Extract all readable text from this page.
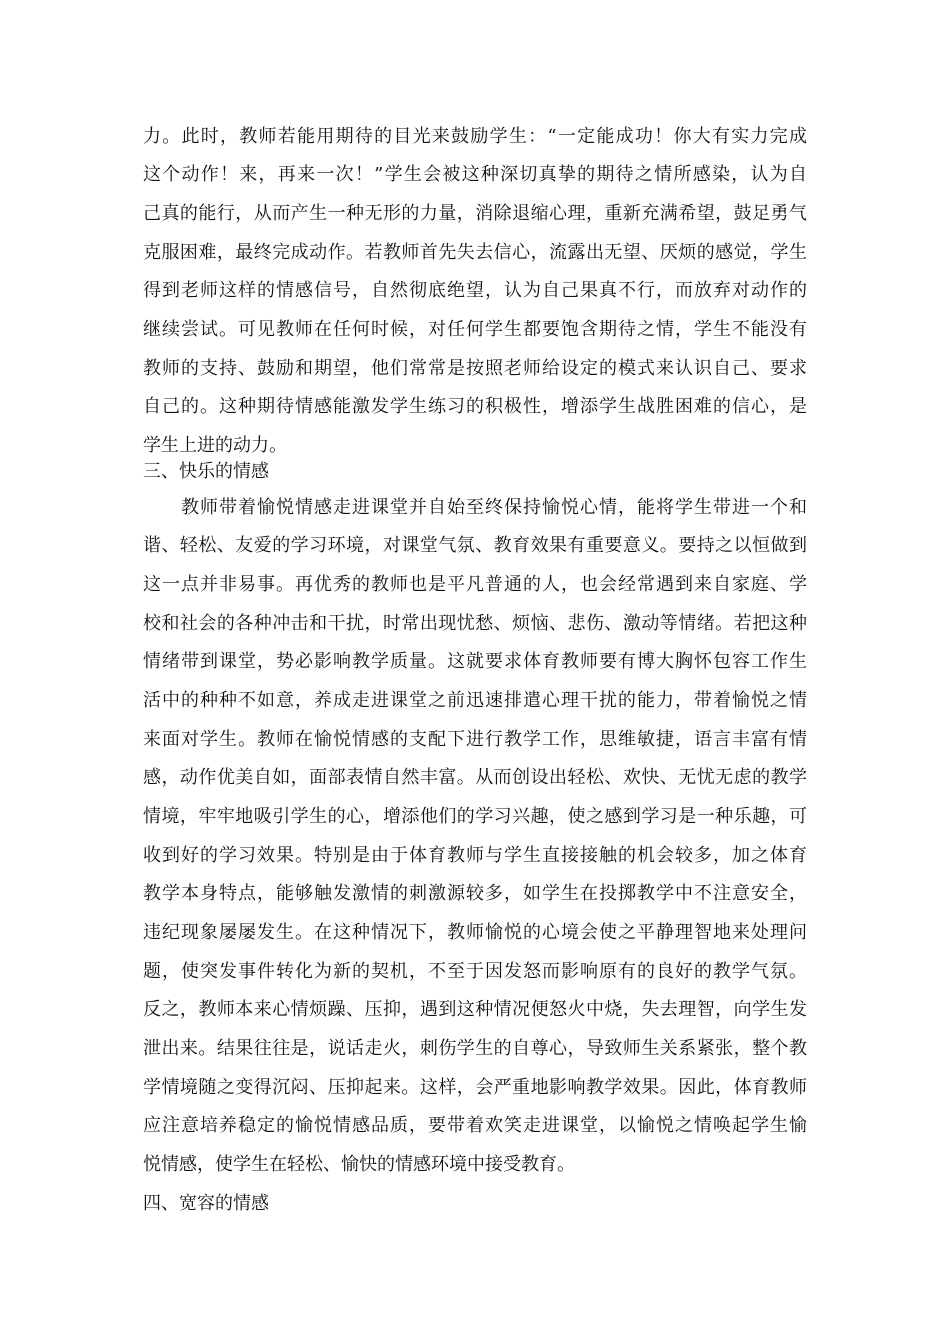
力。此时，教师若能用期待的目光来鼓励学生：“一定能成功！你大有实力完成
这个动作！来，再来一次！”学生会被这种深切真挚的期待之情所感染，认为自
己真的能行，从而产生一种无形的力量，消除退缩心理，重新充满希望，鼓足勇气
克服困难，最终完成动作。若教师首先失去信心，流露出无望、厌烦的感觉，学生
得到老师这样的情感信号，自然彻底绝望，认为自己果真不行，而放弃对动作的
继续尝试。可见教师在任何时候，对任何学生都要饱含期待之情，学生不能没有
教师的支持、鼓励和期望，他们常常是按照老师给设定的模式来认识自己、要求
自己的。这种期待情感能激发学生练习的积极性，增添学生战胜困难的信心，是
学生上进的动力。
三、快乐的情感
教师带着愉悦情感走进课堂并自始至终保持愉悦心情，能将学生带进一个和
谐、轻松、友爱的学习环境，对课堂气氛、教育效果有重要意义。要持之以恒做到
这一点并非易事。再优秀的教师也是平凡普通的人，也会经常遇到来自家庭、学
校和社会的各种冲击和干扰，时常出现忧愁、烦恼、悲伤、激动等情绪。若把这种
情绪带到课堂，势必影响教学质量。这就要求体育教师要有博大胸怀包容工作生
活中的种种不如意，养成走进课堂之前迅速排遣心理干扰的能力，带着愉悦之情
来面对学生。教师在愉悦情感的支配下进行教学工作，思维敏捷，语言丰富有情
感，动作优美自如，面部表情自然丰富。从而创设出轻松、欢快、无忧无虑的教学
情境，牢牢地吸引学生的心，增添他们的学习兴趣，使之感到学习是一种乐趣，可
收到好的学习效果。特别是由于体育教师与学生直接接触的机会较多，加之体育
教学本身特点，能够触发激情的刺激源较多，如学生在投掷教学中不注意安全，
违纪现象屡屡发生。在这种情况下，教师愉悦的心境会使之平静理智地来处理问
题，使突发事件转化为新的契机，不至于因发怒而影响原有的良好的教学气氛。
反之，教师本来心情烦躁、压抑，遇到这种情况便怒火中烧，失去理智，向学生发
泄出来。结果往往是，说话走火，刺伤学生的自尊心，导致师生关系紧张，整个教
学情境随之变得沉闷、压抑起来。这样，会严重地影响教学效果。因此，体育教师
应注意培养稳定的愉悦情感品质，要带着欢笑走进课堂，以愉悦之情唤起学生愉
悦情感，使学生在轻松、愉快的情感环境中接受教育。
四、宽容的情感
